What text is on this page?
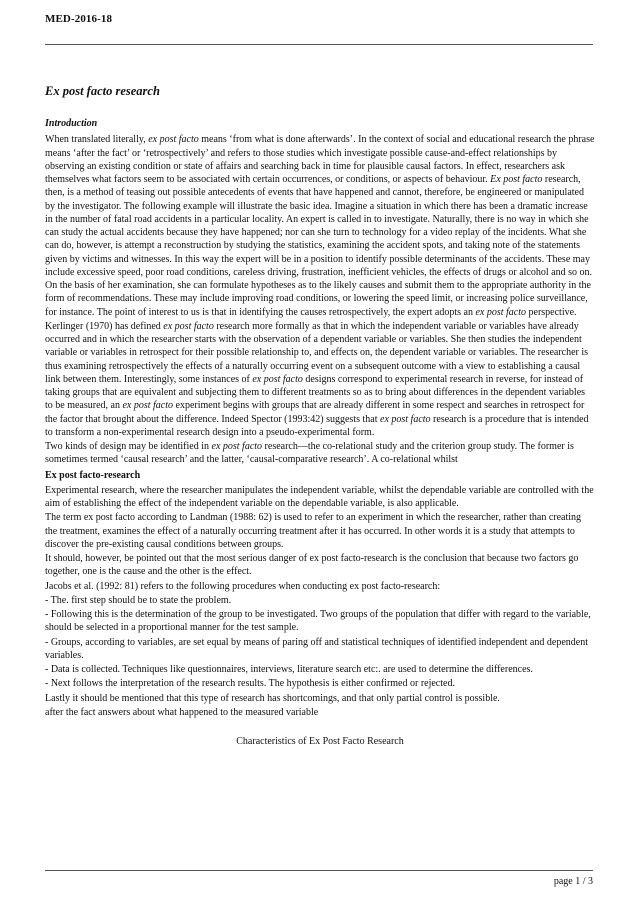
MED-2016-18
Ex post facto research
Introduction

When translated literally, ex post facto means ‘from what is done afterwards’. In the context of social and educational research the phrase means ‘after the fact’ or ‘retrospectively’ and refers to those studies which investigate possible cause-and-effect relationships by observing an existing condition or state of affairs and searching back in time for plausible causal factors. In effect, researchers ask themselves what factors seem to be associated with certain occurrences, or conditions, or aspects of behaviour. Ex post facto research, then, is a method of teasing out possible antecedents of events that have happened and cannot, therefore, be engineered or manipulated by the investigator. The following example will illustrate the basic idea. Imagine a situation in which there has been a dramatic increase in the number of fatal road accidents in a particular locality. An expert is called in to investigate. Naturally, there is no way in which she can study the actual accidents because they have happened; nor can she turn to technology for a video replay of the incidents. What she can do, however, is attempt a reconstruction by studying the statistics, examining the accident spots, and taking note of the statements given by victims and witnesses. In this way the expert will be in a position to identify possible determinants of the accidents. These may include excessive speed, poor road conditions, careless driving, frustration, inefficient vehicles, the effects of drugs or alcohol and so on. On the basis of her examination, she can formulate hypotheses as to the likely causes and submit them to the appropriate authority in the form of recommendations. These may include improving road conditions, or lowering the speed limit, or increasing police surveillance, for instance. The point of interest to us is that in identifying the causes retrospectively, the expert adopts an ex post facto perspective.

Kerlinger (1970) has defined ex post facto research more formally as that in which the independent variable or variables have already occurred and in which the researcher starts with the observation of a dependent variable or variables. She then studies the independent variable or variables in retrospect for their possible relationship to, and effects on, the dependent variable or variables. The researcher is thus examining retrospectively the effects of a naturally occurring event on a subsequent outcome with a view to establishing a causal link between them. Interestingly, some instances of ex post facto designs correspond to experimental research in reverse, for instead of taking groups that are equivalent and subjecting them to different treatments so as to bring about differences in the dependent variables to be measured, an ex post facto experiment begins with groups that are already different in some respect and searches in retrospect for the factor that brought about the difference. Indeed Spector (1993:42) suggests that ex post facto research is a procedure that is intended to transform a non-experimental research design into a pseudo-experimental form.

Two kinds of design may be identified in ex post facto research—the co-relational study and the criterion group study. The former is sometimes termed ‘causal research’ and the latter, ‘causal-comparative research’. A co-relational whilst

Ex post facto-research

Experimental research, where the researcher manipulates the independent variable, whilst the dependable variable are controlled with the aim of establishing the effect of the independent variable on the dependable variable, is also applicable.

The term ex post facto according to Landman (1988: 62) is used to refer to an experiment in which the researcher, rather than creating the treatment, examines the effect of a naturally occurring treatment after it has occurred. In other words it is a study that attempts to discover the pre-existing causal conditions between groups.

It should, however, be pointed out that the most serious danger of ex post facto-research is the conclusion that because two factors go together, one is the cause and the other is the effect.

Jacobs et al. (1992: 81) refers to the following procedures when conducting ex post facto-research:

- The. first step should be to state the problem.

- Following this is the determination of the group to be investigated. Two groups of the population that differ with regard to the variable, should be selected in a proportional manner for the test sample.

- Groups, according to variables, are set equal by means of paring off and statistical techniques of identified independent and dependent variables.

- Data is collected. Techniques like questionnaires, interviews, literature search etc:. are used to determine the differences.

- Next follows the interpretation of the research results. The hypothesis is either confirmed or rejected.

Lastly it should be mentioned that this type of research has shortcomings, and that only partial control is possible.

after the fact answers about what happened to the measured variable

Characteristics of Ex Post Facto Research
page 1 / 3
